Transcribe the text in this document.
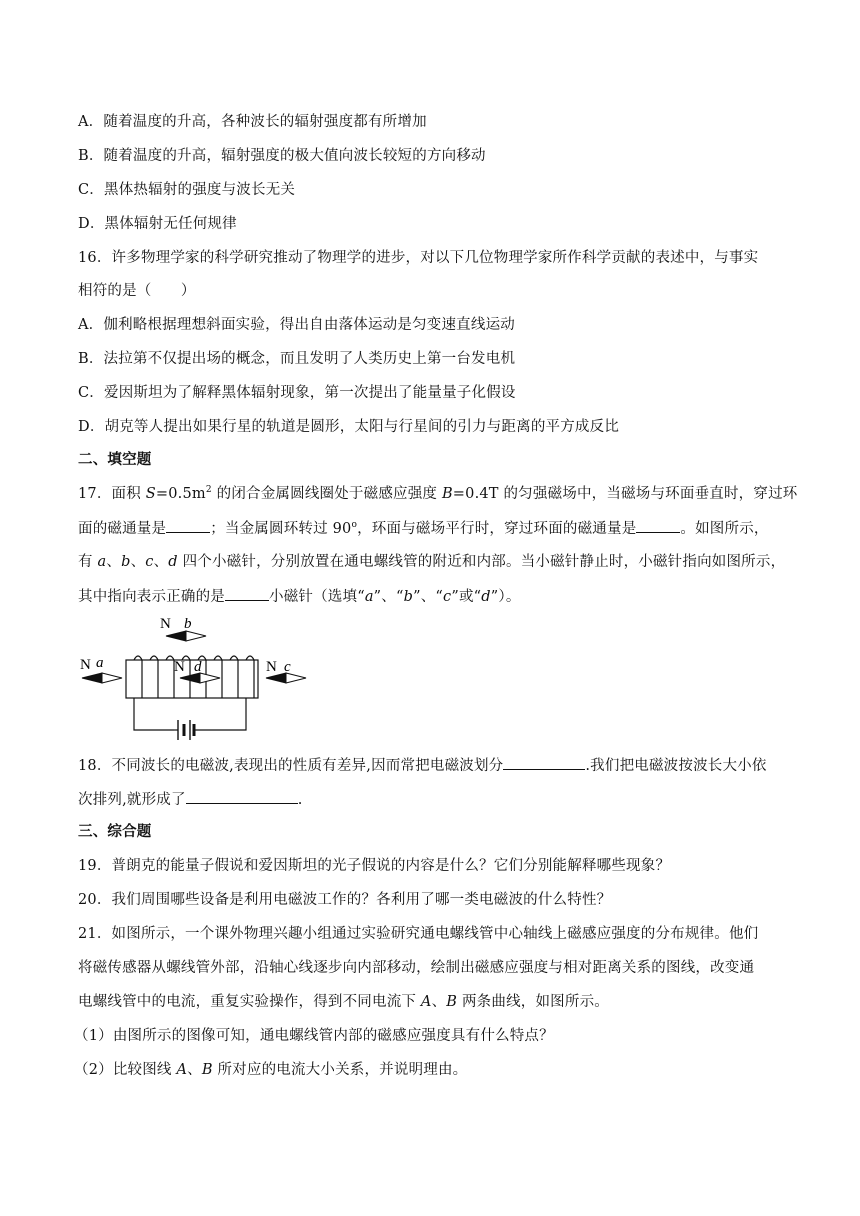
A．随着温度的升高，各种波长的辐射强度都有所增加
B．随着温度的升高，辐射强度的极大值向波长较短的方向移动
C．黑体热辐射的强度与波长无关
D．黑体辐射无任何规律
16．许多物理学家的科学研究推动了物理学的进步，对以下几位物理学家所作科学贡献的表述中，与事实
相符的是（　　）
A．伽利略根据理想斜面实验，得出自由落体运动是匀变速直线运动
B．法拉第不仅提出场的概念，而且发明了人类历史上第一台发电机
C．爱因斯坦为了解释黑体辐射现象，第一次提出了能量量子化假设
D．胡克等人提出如果行星的轨道是圆形，太阳与行星间的引力与距离的平方成反比
二、填空题
17．面积 $S=0.5m^2$ 的闭合金属圆线圈处于磁感应强度 B=0.4T 的匀强磁场中，当磁场与环面垂直时，穿过环
面的磁通量是	；当金属圆环转过 90$^o$，环面与磁场平行时，穿过环面的磁通量是	。如图所示，
有 a、b、c、d 四个小磁针，分别放置在通电螺线管的附近和内部。当小磁针静止时，小磁针指向如图所示，
其中指向表示正确的是	小磁针（选填“a”、“b”、“c”或“d”）。
N b
N a	N d	N c
18．不同波长的电磁波,表现出的性质有差异,因而常把电磁波划分	.我们把电磁波按波长大小依
次排列,就形成了	.
三、综合题
19．普朗克的能量子假说和爱因斯坦的光子假说的内容是什么？它们分别能解释哪些现象？
20．我们周围哪些设备是利用电磁波工作的？各利用了哪一类电磁波的什么特性？
21．如图所示，一个课外物理兴趣小组通过实验研究通电螺线管中心轴线上磁感应强度的分布规律。他们
将磁传感器从螺线管外部，沿轴心线逐步向内部移动，绘制出磁感应强度与相对距离关系的图线，改变通
电螺线管中的电流，重复实验操作，得到不同电流下 A、B 两条曲线，如图所示。
（1）由图所示的图像可知，通电螺线管内部的磁感应强度具有什么特点？
（2）比较图线 A、B 所对应的电流大小关系，并说明理由。
